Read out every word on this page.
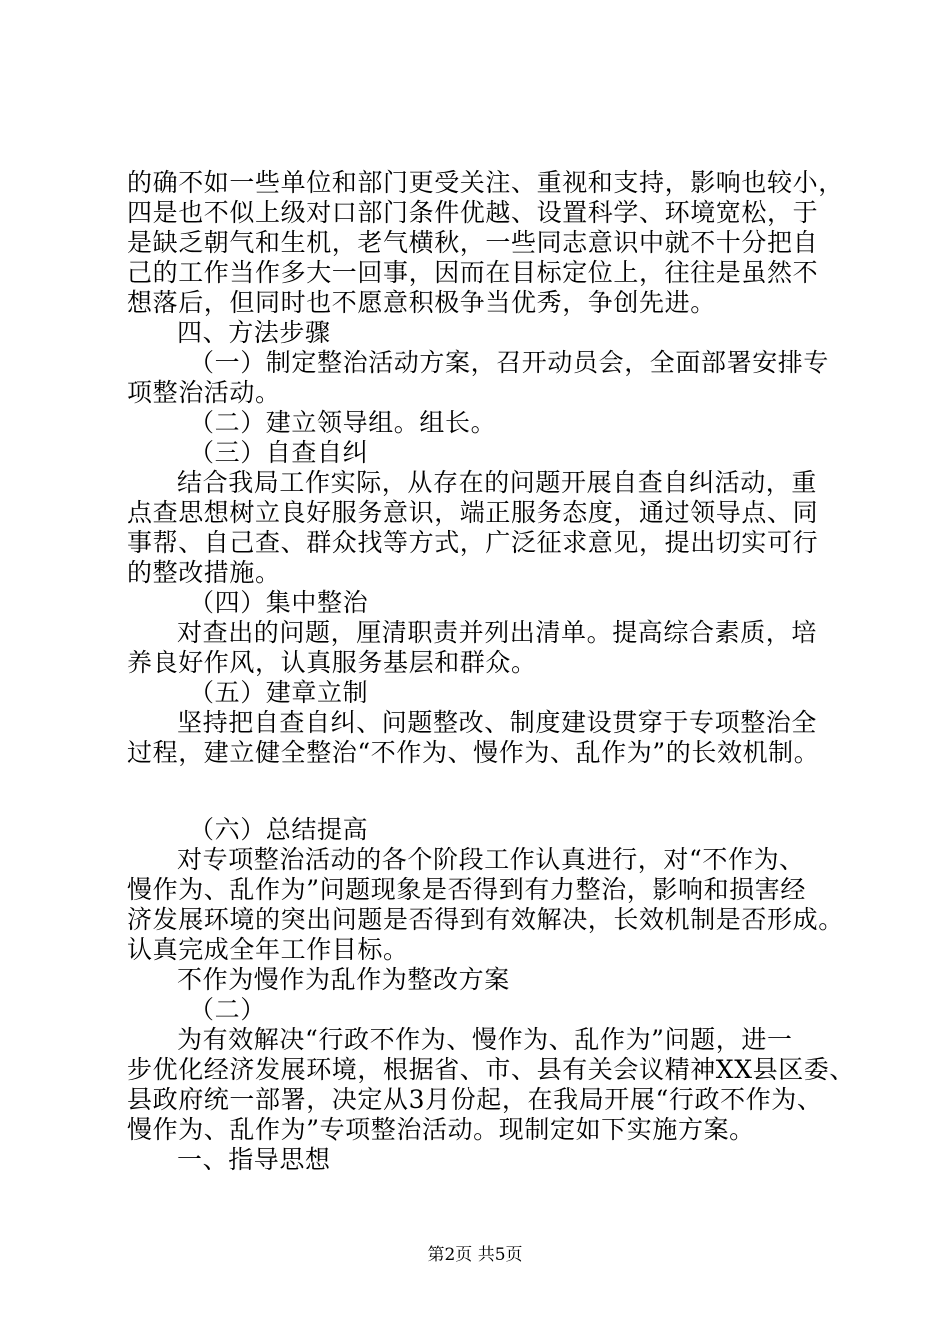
的确不如一些单位和部门更受关注、重视和支持，影响也较小，
四是也不似上级对口部门条件优越、设置科学、环境宽松，于
是缺乏朝气和生机，老气横秋，一些同志意识中就不十分把自
己的工作当作多大一回事，因而在目标定位上，往往是虽然不
想落后，但同时也不愿意积极争当优秀，争创先进。
四、方法步骤
（一）制定整治活动方案，召开动员会，全面部署安排专
项整治活动。
（二）建立领导组。组长。
（三）自查自纠
结合我局工作实际，从存在的问题开展自查自纠活动，重
点查思想树立良好服务意识，端正服务态度，通过领导点、同
事帮、自己查、群众找等方式，广泛征求意见，提出切实可行
的整改措施。
（四）集中整治
对查出的问题，厘清职责并列出清单。提高综合素质，培
养良好作风，认真服务基层和群众。
（五）建章立制
坚持把自查自纠、问题整改、制度建设贯穿于专项整治全
过程，建立健全整治“不作为、慢作为、乱作为”的长效机制。
（六）总结提高
对专项整治活动的各个阶段工作认真进行，对“不作为、
慢作为、乱作为”问题现象是否得到有力整治，影响和损害经
济发展环境的突出问题是否得到有效解决，长效机制是否形成。
认真完成全年工作目标。
不作为慢作为乱作为整改方案
（二）
为有效解决“行政不作为、慢作为、乱作为”问题，进一
步优化经济发展环境，根据省、市、县有关会议精神XX县区委、
县政府统一部署，决定从3月份起，在我局开展“行政不作为、
慢作为、乱作为”专项整治活动。现制定如下实施方案。
一、指导思想
第2页 共5页
